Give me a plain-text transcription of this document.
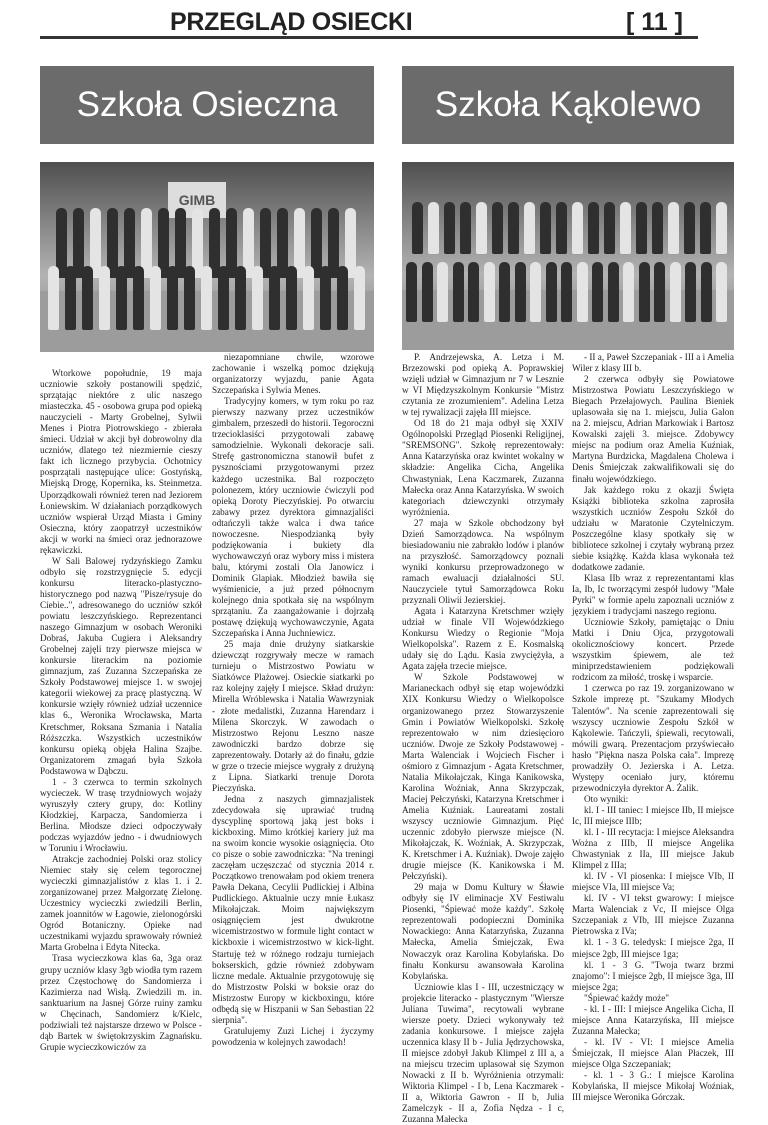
PRZEGLĄD OSIECKI	[ 11 ]
Szkoła Osieczna	Szkoła Kąkolewo
GIMB

Wtorkowe popołudnie, 19 maja uczniowie szkoły postanowili spędzić, sprzątając niektóre z ulic naszego miasteczka. 45 - osobowa grupa pod opieką nauczycieli - Marty Grobelnej, Sylwii Menes i Piotra Piotrowskiego - zbierała śmieci. Udział w akcji był dobrowolny dla uczniów, dlatego też niezmiernie cieszy fakt ich licznego przybycia. Ochotnicy posprzątali następujące ulice: Gostyńską, Miejską Drogę, Kopernika, ks. Steinmetza. Uporządkowali również teren nad Jeziorem Łoniewskim. W działaniach porządkowych uczniów wspierał Urząd Miasta i Gminy Osieczna, który zaopatrzył uczestników akcji w worki na śmieci oraz jednorazowe rękawiczki.

W Sali Balowej rydzyńskiego Zamku odbyło się rozstrzygnięcie 5. edycji konkursu literacko-plastyczno-historycznego pod nazwą "Pisze/rysuje do Ciebie..", adresowanego do uczniów szkół powiatu leszczyńskiego. Reprezentanci naszego Gimnazjum w osobach Weroniki Dobraś, Jakuba Cugiera i Aleksandry Grobelnej zajęli trzy pierwsze miejsca w konkursie literackim na poziomie gimnazjum, zaś Zuzanna Szczepańska ze Szkoły Podstawowej miejsce 1. w swojej kategorii wiekowej za pracę plastyczną. W konkursie wzięły również udział uczennice klas 6., Weronika Wrocławska, Marta Kretschmer, Roksana Szmania i Natalia Róższczka. Wszystkich uczestników konkursu opieką objęła Halina Szajbe. Organizatorem zmagań była Szkoła Podstawowa w Dąbczu.

1 - 3 czerwca to termin szkolnych wycieczek. W trasę trzydniowych wojaży wyruszyły cztery grupy, do: Kotliny Kłodzkiej, Karpacza, Sandomierza i Berlina. Młodsze dzieci odpoczywały podczas wyjazdów jedno - i dwudniowych w Toruniu i Wrocławiu.

Atrakcje zachodniej Polski oraz stolicy Niemiec stały się celem tegorocznej wycieczki gimnazjalistów z klas 1. i 2. zorganizowanej przez Małgorzatę Zielonę. Uczestnicy wycieczki zwiedzili Berlin, zamek joannitów w Łagowie, zielonogórski Ogród Botaniczny. Opieke nad uczestnikami wyjazdu sprawowały również Marta Grobelna i Edyta Nitecka.

Trasa wycieczkowa klas 6a, 3ga oraz grupy uczniów klasy 3gb wiodła tym razem przez Częstochowę do Sandomierza i Kazimierza nad Wisłą. Zwiedzili m. in. sanktuarium na Jasnej Górze ruiny zamku w Chęcinach, Sandomierz k/Kielc, podziwiali też najstarsze drzewo w Polsce - dąb Bartek w świętokrzyskim Zagnańsku. Grupie wycieczkowiczów za

niezapomniane chwile, wzorowe zachowanie i wszelką pomoc dziękują organizatorzy wyjazdu, panie Agata Szczepańska i Sylwia Menes.

Tradycyjny komers, w tym roku po raz pierwszy nazwany przez uczestników gimbalem, przeszedł do historii. Tegoroczni trzecioklasiści przygotowali zabawę samodzielnie. Wykonali dekoracje sali. Strefę gastronomiczna stanowił bufet z pysznościami przygotowanymi przez każdego uczestnika. Bal rozpoczęto polonezem, który uczniowie ćwiczyli pod opieką Doroty Pieczyńskiej. Po otwarciu zabawy przez dyrektora gimnazjaliści odtańczyli także walca i dwa tańce nowoczesne. Niespodzianką były podziękowania i bukiety dla wychowawczyń oraz wybory miss i mistera balu, którymi zostali Ola Janowicz i Dominik Glapiak. Młodzież bawiła się wyśmienicie, a już przed północnym kolejnego dnia spotkała się na wspólnym sprzątaniu. Za zaangażowanie i dojrzałą postawę dziękują wychowawczynie, Agata Szczepańska i Anna Juchniewicz.

25 maja dnie drużyny siatkarskie dziewcząt rozgrywały mecze w ramach turnieju o Mistrzostwo Powiatu w Siatkówce Plażowej. Osieckie siatkarki po raz kolejny zajęły I miejsce. Skład drużyn: Mirella Wróblewska i Natalia Wawrzyniak - złote medalistki, Zuzanna Harendarz i Milena Skorczyk. W zawodach o Mistrzostwo Rejonu Leszno nasze zawodniczki bardzo dobrze się zaprezentowały. Dotarły aż do finału, gdzie w grze o trzecie miejsce wygrały z drużyną z Lipna. Siatkarki trenuje Dorota Pieczyńska.

Jedna z naszych gimnazjalistek zdecydowała się uprawiać trudną dyscyplinę sportową jaką jest boks i kickboxing. Mimo krótkiej kariery już ma na swoim koncie wysokie osiągnięcia. Oto co pisze o sobie zawodniczka: "Na treningi zaczęłam uczęszczać od stycznia 2014 r. Początkowo trenowałam pod okiem trenera Pawła Dekana, Cecylii Pudlickiej i Albina Pudlickiego. Aktualnie uczy mnie Łukasz Mikołajczak. Moim największym osiągnięciem jest dwukrotne wicemistrzostwo w formule light contact w kickboxie i wicemistrzostwo w kick-light. Startuję też w różnego rodzaju turniejach bokserskich, gdzie również zdobywam liczne medale. Aktualnie przygotowuję się do Mistrzostw Polski w boksie oraz do Mistrzostw Europy w kickboxingu, które odbędą się w Hiszpanii w San Sebastian 22 sierpnia".

Gratulujemy Zuzi Lichej i życzymy powodzenia w kolejnych zawodach!

P. Andrzejewska, A. Letza i M. Brzezowski pod opieką A. Poprawskiej wzięli udział w Gimnazjum nr 7 w Lesznie w VI Międzyszkolnym Konkursie "Mistrz czytania ze zrozumieniem". Adelina Letza w tej rywalizacji zajęła III miejsce.

Od 18 do 21 maja odbył się XXIV Ogólnopolski Przegląd Piosenki Religijnej, "SREMSONG". Szkołę reprezentowały: Anna Katarzyńska oraz kwintet wokalny w składzie: Angelika Cicha, Angelika Chwastyniak, Lena Kaczmarek, Zuzanna Małecka oraz Anna Katarzyńska. W swoich kategoriach dziewczynki otrzymały wyróżnienia.

27 maja w Szkole obchodzony był Dzień Samorządowca. Na wspólnym biesiadowaniu nie zabrakło lodów i planów na przyszłość. Samorządowcy poznali wyniki konkursu przeprowadzonego w ramach ewaluacji działalności SU. Nauczyciele tytuł Samorządowca Roku przyznali Oliwii Jezierskiej.

Agata i Katarzyna Kretschmer wzięły udział w finale VII Wojewódzkiego Konkursu Wiedzy o Regionie "Moja Wielkopolska". Razem z E. Kosmalską udały się do Lądu. Kasia zwyciężyła, a Agata zajęła trzecie miejsce.

W Szkole Podstawowej w Marianeckach odbył się etap wojewódzki XIX Konkursu Wiedzy o Wielkopolsce organizowanego przez Stowarzyszenie Gmin i Powiatów Wielkopolski. Szkołę reprezentowało w nim dziesięciorо uczniów. Dwoje ze Szkoły Podstawowej - Marta Walenciak i Wojciech Fischer i ośmioro z Gimnazjum - Agata Kretschmer, Natalia Mikołajczak, Kinga Kanikowska, Karolina Woźniak, Anna Skrzypczak, Maciej Pełczyński, Katarzyna Kretschmer i Amelia Kuźniak. Laureatami zostali wszyscy uczniowie Gimnazjum. Pięć uczennic zdobyło pierwsze miejsce (N. Mikołajczak, K. Woźniak, A. Skrzypczak, K. Kretschmer i A. Kuźniak). Dwoje zajęło drugie miejsce (K. Kanikowska i M. Pełczyński).

29 maja w Domu Kultury w Śławie odbyły się IV eliminacje XV Festiwalu Piosenki, "Śpiewać może każdy". Szkołę reprezentowali podopieczni Dominika Nowackiego: Anna Katarzyńska, Zuzanna Małecka, Amelia Śmiejczak, Ewa Nowaczyk oraz Karolina Kobylańska. Do finału Konkursu awansowała Karolina Kobylańska.

Uczniowie klas I - III, uczestniczący w projekcie literacko - plastycznym "Wiersze Juliana Tuwima", recytowali wybrane wiersze poety. Dzieci wykonywały też zadania konkursowe. I miejsce zajęła uczennica klasy II b - Julia Jędrzychowska, II miejsce zdobył Jakub Klimpel z III a, a na miejscu trzecim uplasował się Szymon Nowacki z II b. Wyróżnienia otrzymali: Wiktoria Klimpel - I b, Lena Kaczmarek - II a, Wiktoria Gawron - II b, Julia Zamelczyk - II a, Zofia Nędza - I c, Zuzanna Małecka

- II a, Paweł Szczepaniak - III a i Amelia Wiler z klasy III b.

2 czerwca odbyły się Powiatowe Mistrzostwa Powiatu Leszczyńskiego w Biegach Przełajowych. Paulina Bieniek uplasowała się na 1. miejscu, Julia Galon na 2. miejscu, Adrian Markowiak i Bartosz Kowalski zajęli 3. miejsce. Zdobywcy miejsc na podium oraz Amelia Kuźniak, Martyna Burdzicka, Magdalena Cholewa i Denis Śmiejczak zakwalifikowali się do finału wojewódzkiego.

Jak każdego roku z okazji Święta Książki biblioteka szkolna zaprosiła wszystkich uczniów Zespołu Szkół do udziału w Maratonie Czytelniczym. Poszczególne klasy spotkały się w bibliotece szkolnej i czytały wybraną przez siebie książkę. Każda klasa wykonała też dodatkowe zadanie.

Klasa IIb wraz z reprezentantami klas Ia, Ib, Ic tworzącymi zespół ludowy "Małe Pyrki" w formie apelu zapoznali uczniów z językiem i tradycjami naszego regionu.

Uczniowie Szkoły, pamiętając o Dniu Matki i Dniu Ojca, przygotowali okolicznościowy koncert. Przede wszystkim śpiewem, ale też miniprzedstawieniem podziękowali rodzicom za miłość, troskę i wsparcie.

1 czerwca po raz 19. zorganizowano w Szkole imprezę pt. "Szukamy Młodych Talentów". Na scenie zaprezentowali się wszyscy uczniowie Zespołu Szkół w Kąkolewie. Tańczyli, śpiewali, recytowali, mówili gwarą. Prezentacjom przyświecało hasło "Piękna nasza Polska cała". Imprezę prowadziły O. Jezierska i A. Letza. Występy oceniało jury, któremu przewodniczyła dyrektor A. Żalik.

Oto wyniki:

kl. I - III taniec: I miejsce IIb, II miejsce Ic, III miejsce IIIb;

kl. I - III recytacja: I miejsce Aleksandra Wożna z IIIb, II miejsce Angelika Chwastyniak z IIa, III miejsce Jakub Klimpel z IIIa;

kl. IV - VI piosenka: I miejsce VIb, II miejsce VIa, III miejsce Va;

kl. IV - VI tekst gwarowy: I miejsce Marta Walenciak z Vc, II miejsce Olga Szczepaniak z VIb, III miejsce Zuzanna Pietrowska z IVa;

kl. 1 - 3 G. teledysk: I miejsce 2ga, II miejsce 2gb, III miejsce 1ga;

kl. 1 - 3 G. "Twoja twarz brzmi znajomo": I miejsce 2gb, II miejsce 3ga, III miejsce 2ga;

"Śpiewać każdy może"

- kl. I - III: I miejsce Angelika Cicha, II miejsce Anna Katarzyńska, III miejsce Zuzanna Małecka;

- kl. IV - VI: I miejsce Amelia Śmiejczak, II miejsce Alan Płaczek, III miejsce Olga Szczepaniak;

- kl. 1 - 3 G.: I miejsce Karolina Kobylańska, II miejsce Mikołaj Woźniak, III miejsce Weronika Górczak.
